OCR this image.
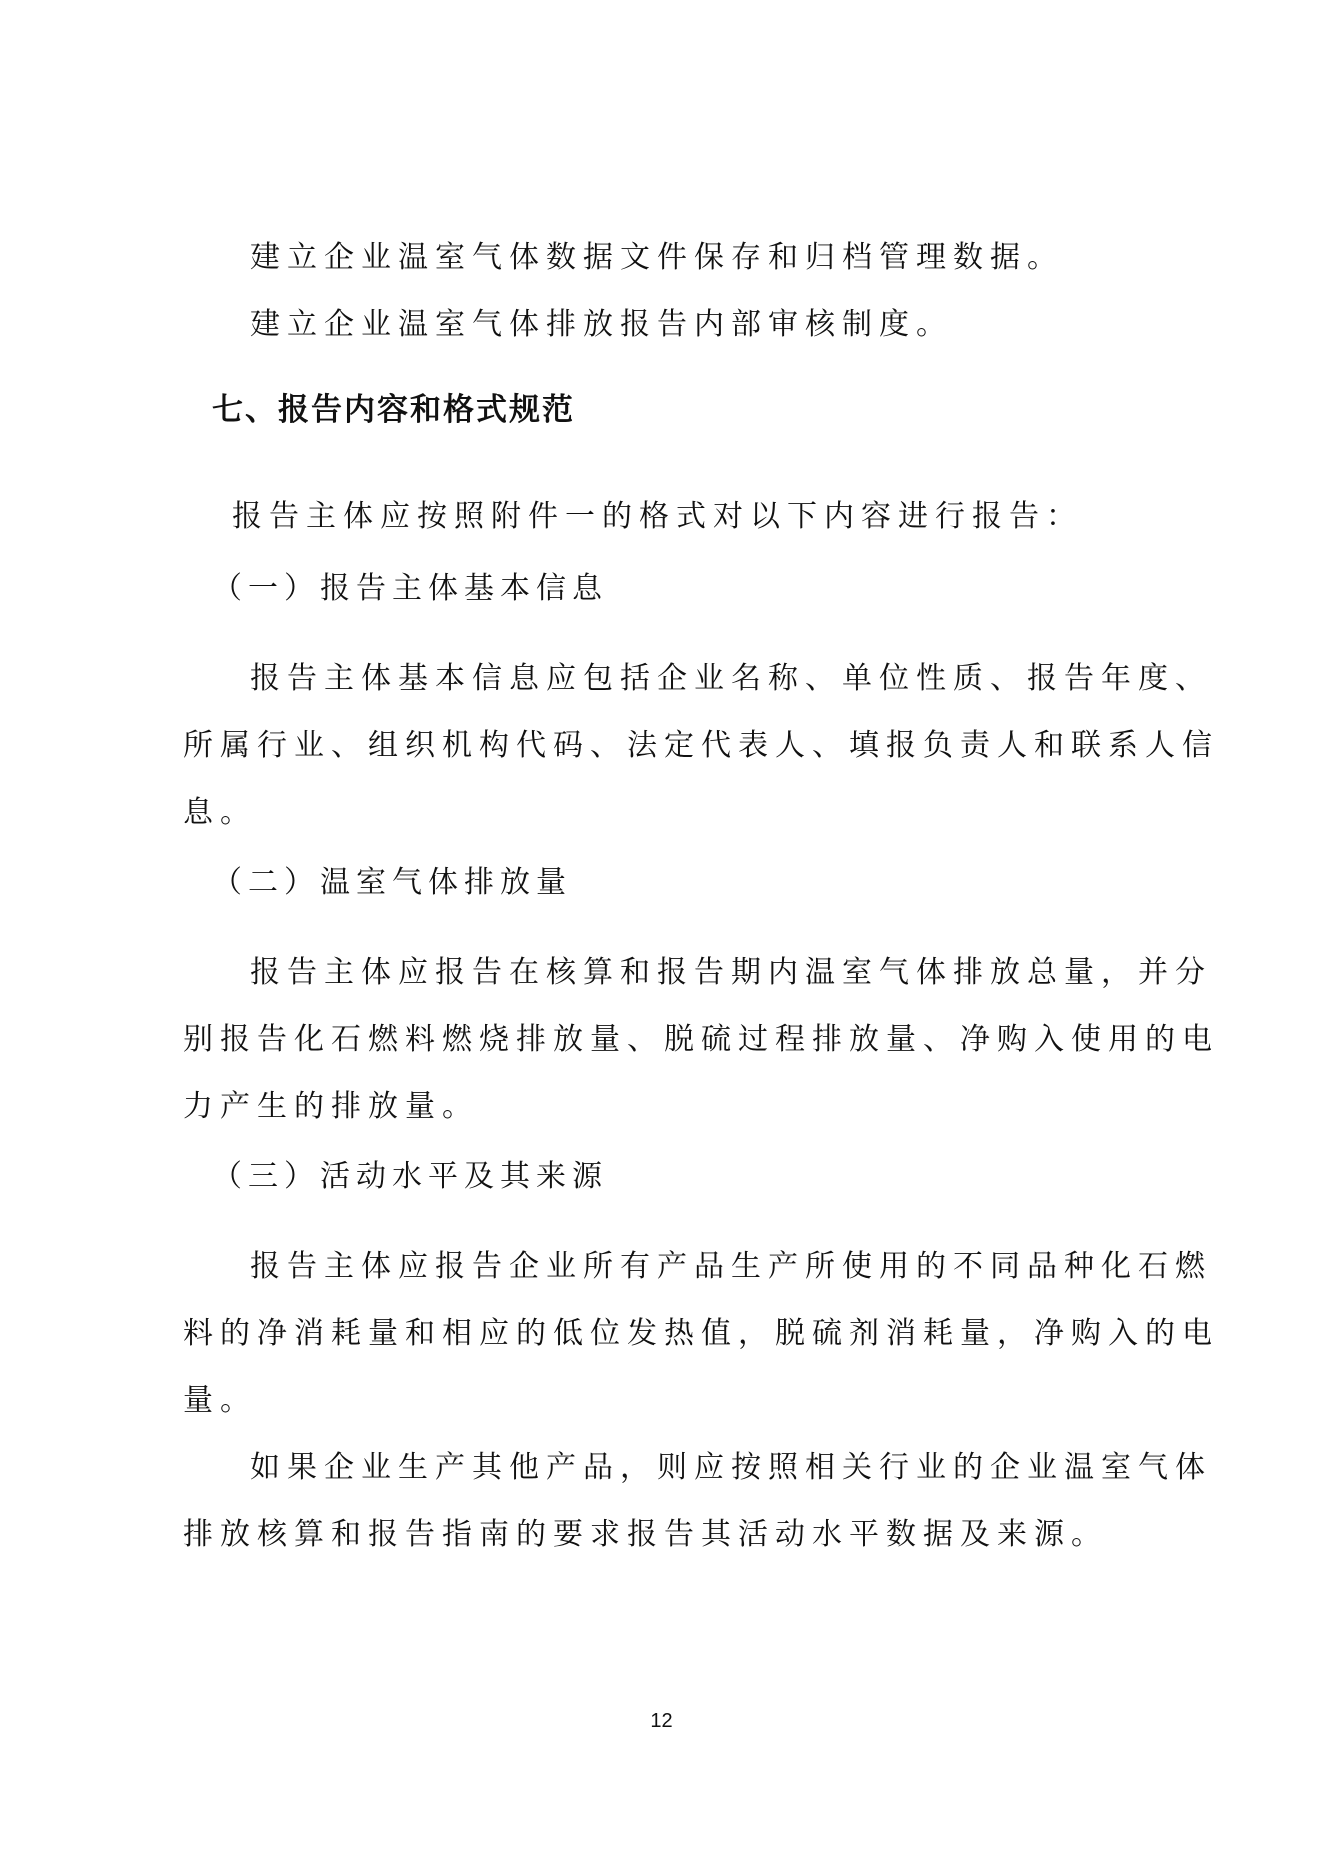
建立企业温室气体数据文件保存和归档管理数据。
建立企业温室气体排放报告内部审核制度。
七、报告内容和格式规范
报告主体应按照附件一的格式对以下内容进行报告：
（一）报告主体基本信息
报告主体基本信息应包括企业名称、单位性质、报告年度、
所属行业、组织机构代码、法定代表人、填报负责人和联系人信
息。
（二）温室气体排放量
报告主体应报告在核算和报告期内温室气体排放总量，并分
别报告化石燃料燃烧排放量、脱硫过程排放量、净购入使用的电
力产生的排放量。
（三）活动水平及其来源
报告主体应报告企业所有产品生产所使用的不同品种化石燃
料的净消耗量和相应的低位发热值，脱硫剂消耗量，净购入的电
量。
如果企业生产其他产品，则应按照相关行业的企业温室气体
排放核算和报告指南的要求报告其活动水平数据及来源。
12
